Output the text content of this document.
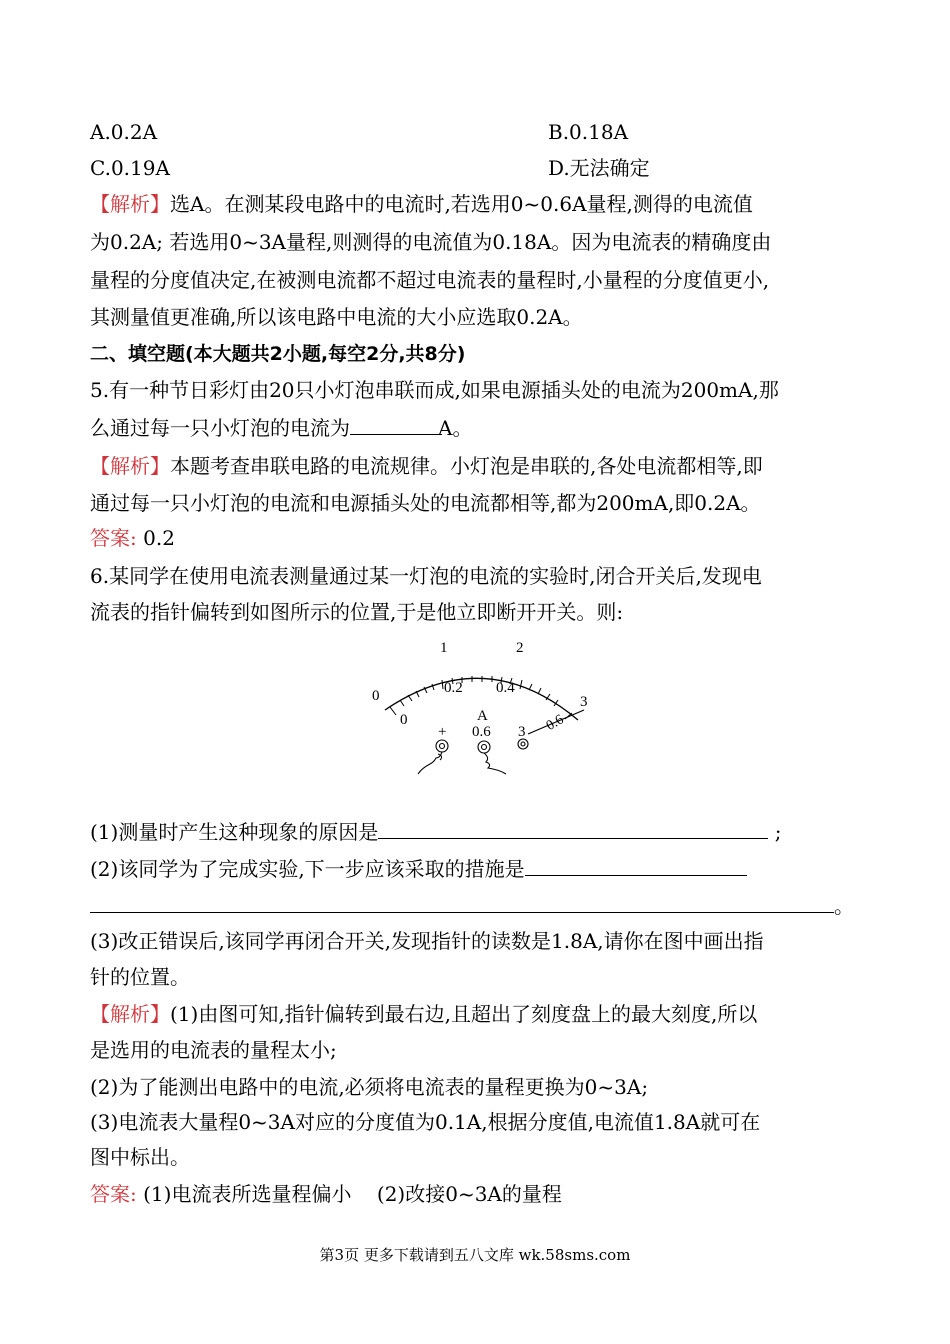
A.0.2A	B.0.18A

C.0.19A	D.无法确定

【解析】选A。在测某段电路中的电流时,若选用0~0.6A量程,测得的电流值

为0.2A; 若选用0~3A量程,则测得的电流值为0.18A。因为电流表的精确度由

量程的分度值决定,在被测电流都不超过电流表的量程时,小量程的分度值更小,

其测量值更准确,所以该电路中电流的大小应选取0.2A。

二、填空题(本大题共2小题,每空2分,共8分)

5.有一种节日彩灯由20只小灯泡串联而成,如果电源插头处的电流为200mA,那

么通过每一只小灯泡的电流为	A。

【解析】本题考查串联电路的电流规律。小灯泡是串联的,各处电流都相等,即

通过每一只小灯泡的电流和电源插头处的电流都相等,都为200mA,即0.2A。

答案: 0.2

6.某同学在使用电流表测量通过某一灯泡的电流的实验时,闭合开关后,发现电

流表的指针偏转到如图所示的位置,于是他立即断开开关。则:

0
1	2
3
0
0.2 0.4
0.6
A
+ 0.6 3

(1)测量时产生这种现象的原因是	;

(2)该同学为了完成实验,下一步应该采取的措施是

。

(3)改正错误后,该同学再闭合开关,发现指针的读数是1.8A,请你在图中画出指

针的位置。

【解析】(1)由图可知,指针偏转到最右边,且超出了刻度盘上的最大刻度,所以

是选用的电流表的量程太小;

(2)为了能测出电路中的电流,必须将电流表的量程更换为0~3A;

(3)电流表大量程0~3A对应的分度值为0.1A,根据分度值,电流值1.8A就可在

图中标出。

答案: (1)电流表所选量程偏小 (2)改接0~3A的量程

第3页 更多下载请到五八文库 wk.58sms.com
